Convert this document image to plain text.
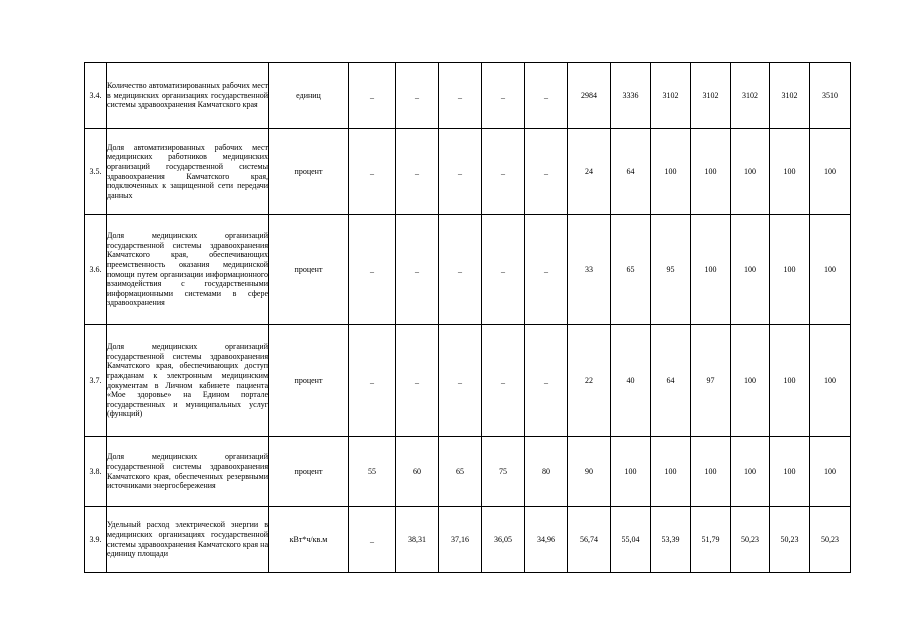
3.4.	Количество автоматизированных рабочих мест в медицинских организациях государственной системы здравоохранения Камчатского края	единиц	_	_	_	_	_	2984	3336	3102	3102	3102	3102	3510
3.5.	Доля автоматизированных рабочих мест медицинских работников медицинских организаций государственной системы здравоохранения Камчатского края, подключенных к защищенной сети передачи данных	процент	_	_	_	_	_	24	64	100	100	100	100	100
3.6.	Доля медицинских организаций государственной системы здравоохранения Камчатского края, обеспечивающих преемственность оказания медицинской помощи путем организации информационного взаимодействия с государственными информационными системами в сфере здравоохранения	процент	_	_	_	_	_	33	65	95	100	100	100	100
3.7.	Доля медицинских организаций государственной системы здравоохранения Камчатского края, обеспечивающих доступ гражданам к электронным медицинским документам в Личном кабинете пациента «Мое здоровье» на Едином портале государственных и муниципальных услуг (функций)	процент	_	_	_	_	_	22	40	64	97	100	100	100
3.8.	Доля медицинских организаций государственной системы здравоохранения Камчатского края, обеспеченных резервными источниками энергосбережения	процент	55	60	65	75	80	90	100	100	100	100	100	100
3.9.	Удельный расход электрической энергии в медицинских организациях государственной системы здравоохранения Камчатского края на единицу площади	кВт*ч/кв.м	_	38,31	37,16	36,05	34,96	56,74	55,04	53,39	51,79	50,23	50,23	50,23
